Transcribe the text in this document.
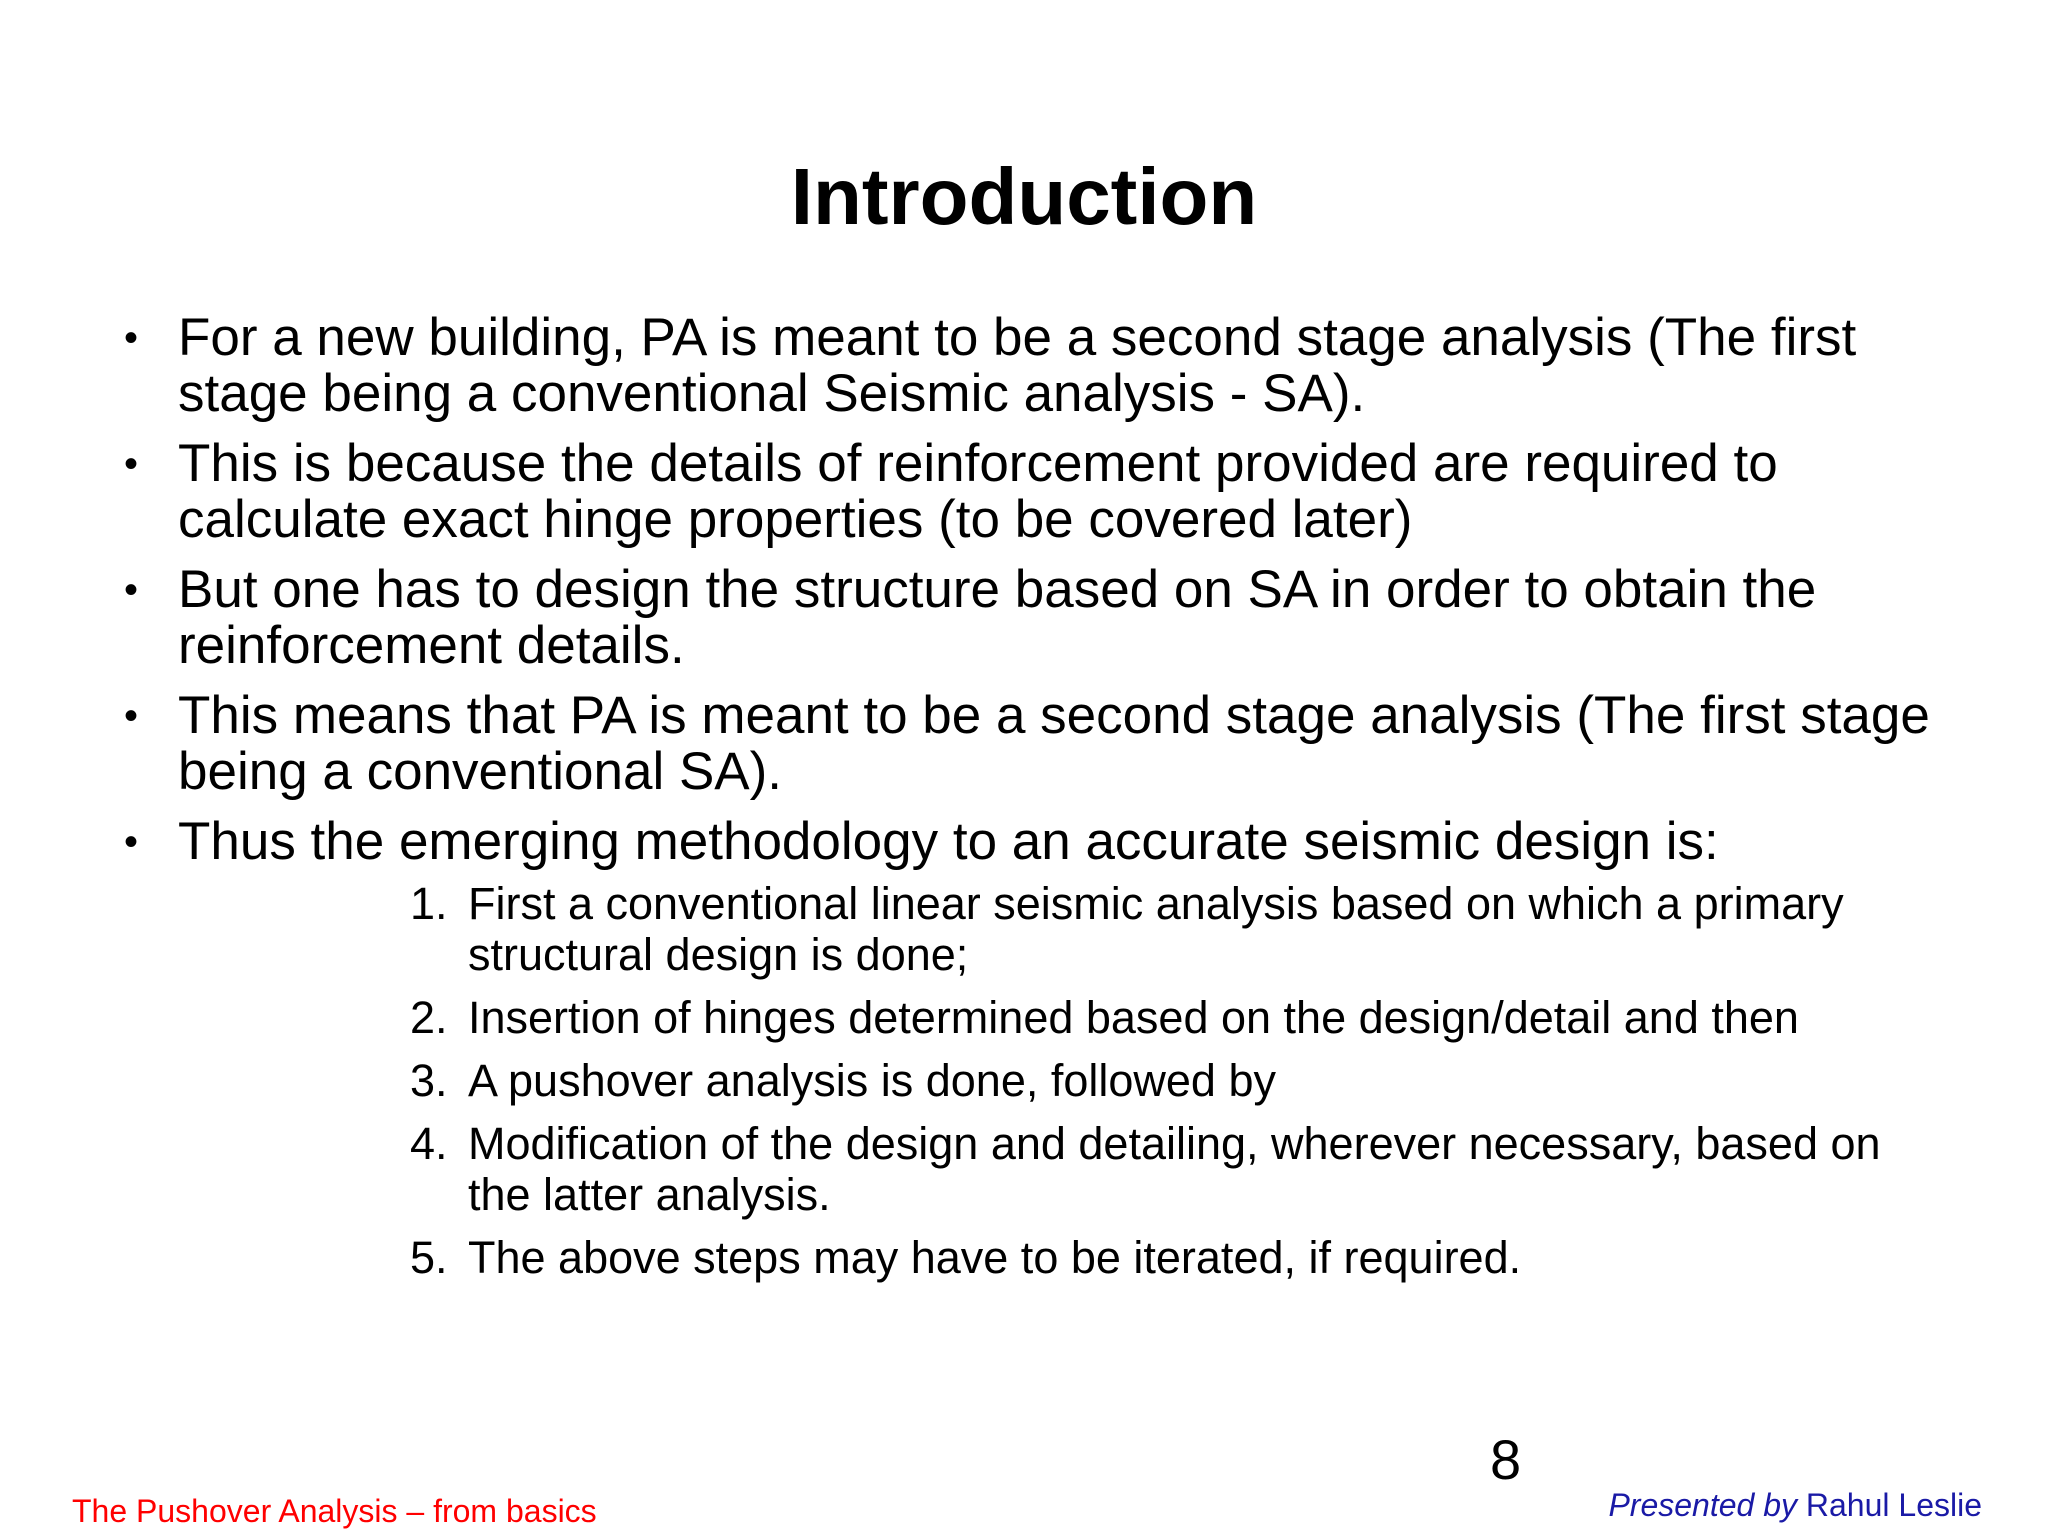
Introduction
• For a new building, PA is meant to be a second stage analysis (The first stage being a conventional Seismic analysis - SA).
• This is because the details of reinforcement provided are required to calculate exact hinge properties (to be covered later)
• But one has to design the structure based on SA in order to obtain the reinforcement details.
• This means that PA is meant to be a second stage analysis (The first stage being a conventional SA).
• Thus the emerging methodology to an accurate seismic design is:
1. First a conventional linear seismic analysis based on which a primary structural design is done;
2. Insertion of hinges determined based on the design/detail and then
3. A pushover analysis is done, followed by
4. Modification of the design and detailing, wherever necessary, based on the latter analysis.
5. The above steps may have to be iterated, if required.
8
The Pushover Analysis – from basics	Presented by Rahul Leslie
